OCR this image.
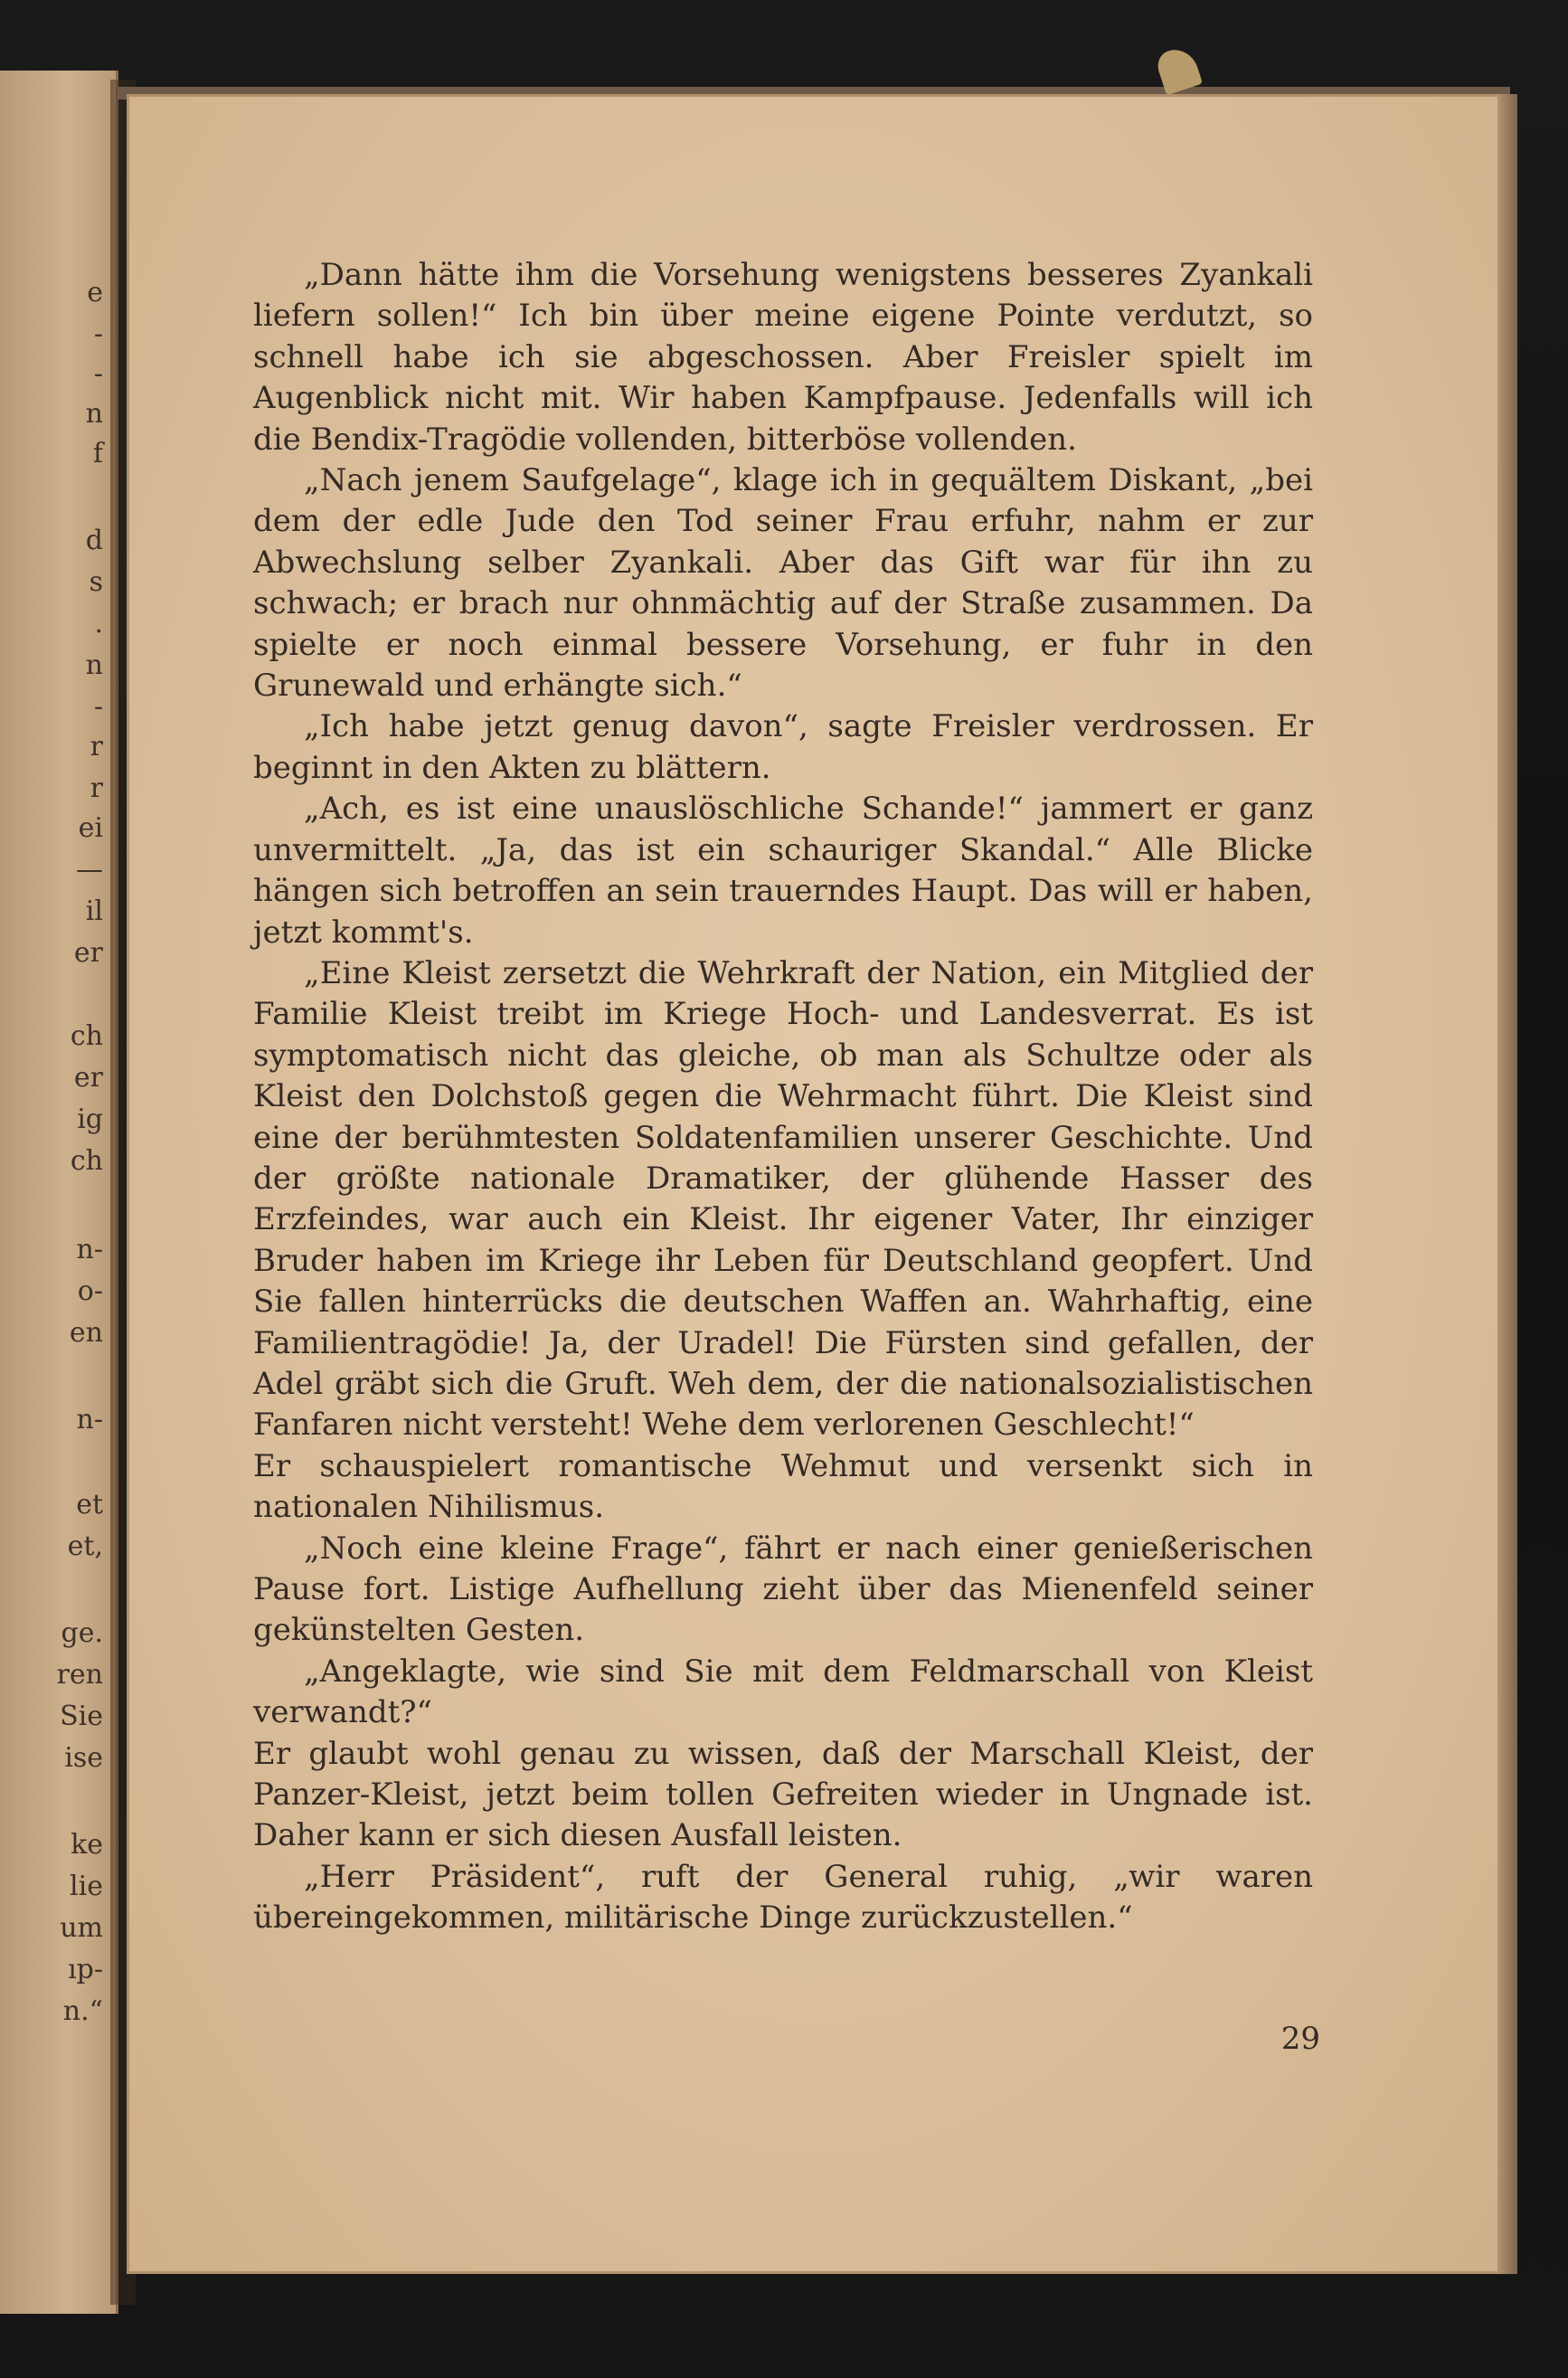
e
-
-
n
f
d
s
.
n
-
r
r
ei
—
il
er
ch
er
ig
ch
n-
o-
en
n-
et
et,
ge.
ren
Sie
ise
ke
lie
um
ıp-
n.“

„Dann hätte ihm die Vorsehung wenigstens besseres Zyankali liefern sollen!“ Ich bin über meine eigene Pointe verdutzt, so schnell habe ich sie abgeschossen. Aber Freisler spielt im Augenblick nicht mit. Wir haben Kampfpause. Jedenfalls will ich die Bendix-Tragödie vollenden, bitterböse vollenden.

„Nach jenem Saufgelage“, klage ich in gequältem Diskant, „bei dem der edle Jude den Tod seiner Frau erfuhr, nahm er zur Abwechslung selber Zyankali. Aber das Gift war für ihn zu schwach; er brach nur ohnmächtig auf der Straße zusammen. Da spielte er noch einmal bessere Vorsehung, er fuhr in den Grunewald und erhängte sich.“

„Ich habe jetzt genug davon“, sagte Freisler verdrossen. Er beginnt in den Akten zu blättern.

„Ach, es ist eine unauslöschliche Schande!“ jammert er ganz unvermittelt. „Ja, das ist ein schauriger Skandal.“ Alle Blicke hängen sich betroffen an sein trauerndes Haupt. Das will er haben, jetzt kommt's.

„Eine Kleist zersetzt die Wehrkraft der Nation, ein Mitglied der Familie Kleist treibt im Kriege Hoch- und Landesverrat. Es ist symptomatisch nicht das gleiche, ob man als Schultze oder als Kleist den Dolchstoß gegen die Wehrmacht führt. Die Kleist sind eine der berühmtesten Soldatenfamilien unserer Geschichte. Und der größte nationale Dramatiker, der glühende Hasser des Erzfeindes, war auch ein Kleist. Ihr eigener Vater, Ihr einziger Bruder haben im Kriege ihr Leben für Deutschland geopfert. Und Sie fallen hinterrücks die deutschen Waffen an. Wahrhaftig, eine Familientragödie! Ja, der Uradel! Die Fürsten sind gefallen, der Adel gräbt sich die Gruft. Weh dem, der die nationalsozialistischen Fanfaren nicht versteht! Wehe dem verlorenen Geschlecht!“

Er schauspielert romantische Wehmut und versenkt sich in nationalen Nihilismus.

„Noch eine kleine Frage“, fährt er nach einer genießerischen Pause fort. Listige Aufhellung zieht über das Mienenfeld seiner gekünstelten Gesten.

„Angeklagte, wie sind Sie mit dem Feldmarschall von Kleist verwandt?“

Er glaubt wohl genau zu wissen, daß der Marschall Kleist, der Panzer-Kleist, jetzt beim tollen Gefreiten wieder in Ungnade ist. Daher kann er sich diesen Ausfall leisten.

„Herr Präsident“, ruft der General ruhig, „wir waren übereingekommen, militärische Dinge zurückzustellen.“

29
